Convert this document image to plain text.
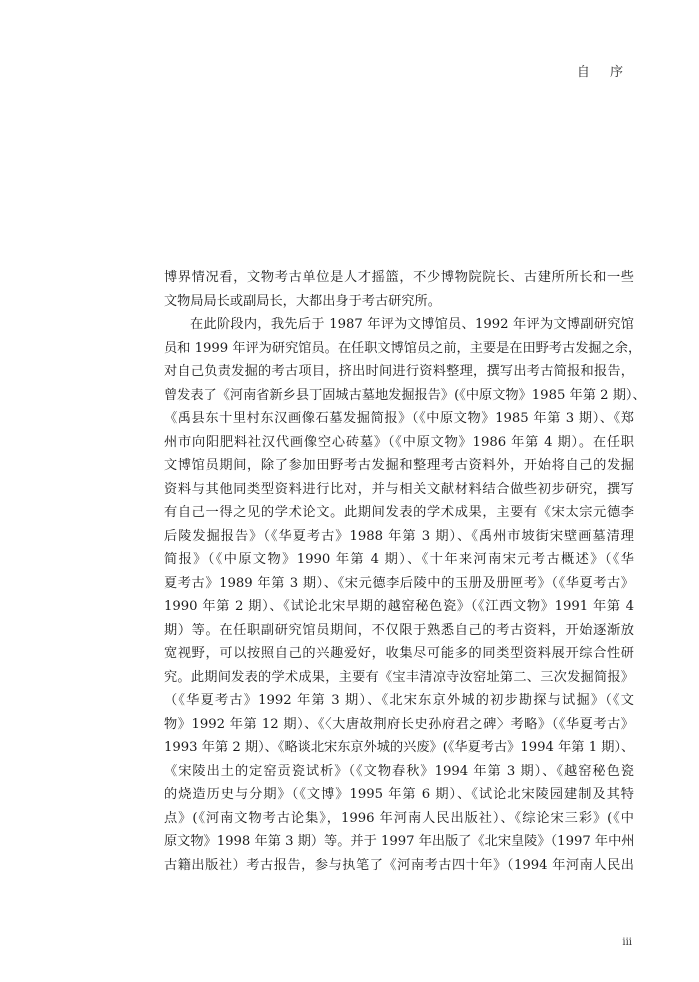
自 序
博界情况看，文物考古单位是人才摇篮，不少博物院院长、古建所所长和一些
文物局局长或副局长，大都出身于考古研究所。
在此阶段内，我先后于 1987 年评为文博馆员、1992 年评为文博副研究馆
员和 1999 年评为研究馆员。在任职文博馆员之前，主要是在田野考古发掘之余，
对自己负责发掘的考古项目，挤出时间进行资料整理，撰写出考古简报和报告，
曾发表了《河南省新乡县丁固城古墓地发掘报告》(《中原文物》1985 年第 2 期）、
《禹县东十里村东汉画像石墓发掘简报》（《中原文物》1985 年第 3 期）、《郑
州市向阳肥料社汉代画像空心砖墓》（《中原文物》1986 年第 4 期）。在任职
文博馆员期间，除了参加田野考古发掘和整理考古资料外，开始将自己的发掘
资料与其他同类型资料进行比对，并与相关文献材料结合做些初步研究，撰写
有自己一得之见的学术论文。此期间发表的学术成果，主要有《宋太宗元德李
后陵发掘报告》（《华夏考古》1988 年第 3 期）、《禹州市坡街宋壁画墓清理
简报》（《中原文物》1990 年第 4 期）、《十年来河南宋元考古概述》（《华
夏考古》1989 年第 3 期）、《宋元德李后陵中的玉册及册匣考》（《华夏考古》
1990 年第 2 期）、《试论北宋早期的越窑秘色瓷》（《江西文物》1991 年第 4
期）等。在任职副研究馆员期间，不仅限于熟悉自己的考古资料，开始逐渐放
宽视野，可以按照自己的兴趣爱好，收集尽可能多的同类型资料展开综合性研
究。此期间发表的学术成果，主要有《宝丰清凉寺汝窑址第二、三次发掘简报》
（《华夏考古》1992 年第 3 期）、《北宋东京外城的初步勘探与试掘》（《文
物》1992 年第 12 期）、《〈大唐故荆府长史孙府君之碑〉考略》（《华夏考古》
1993 年第 2 期）、《略谈北宋东京外城的兴废》(《华夏考古》1994 年第 1 期）、
《宋陵出土的定窑贡瓷试析》（《文物春秋》1994 年第 3 期）、《越窑秘色瓷
的烧造历史与分期》（《文博》1995 年第 6 期）、《试论北宋陵园建制及其特
点》(《河南文物考古论集》，1996 年河南人民出版社）、《综论宋三彩》(《中
原文物》1998 年第 3 期）等。并于 1997 年出版了《北宋皇陵》（1997 年中州
古籍出版社）考古报告，参与执笔了《河南考古四十年》（1994 年河南人民出
iii
